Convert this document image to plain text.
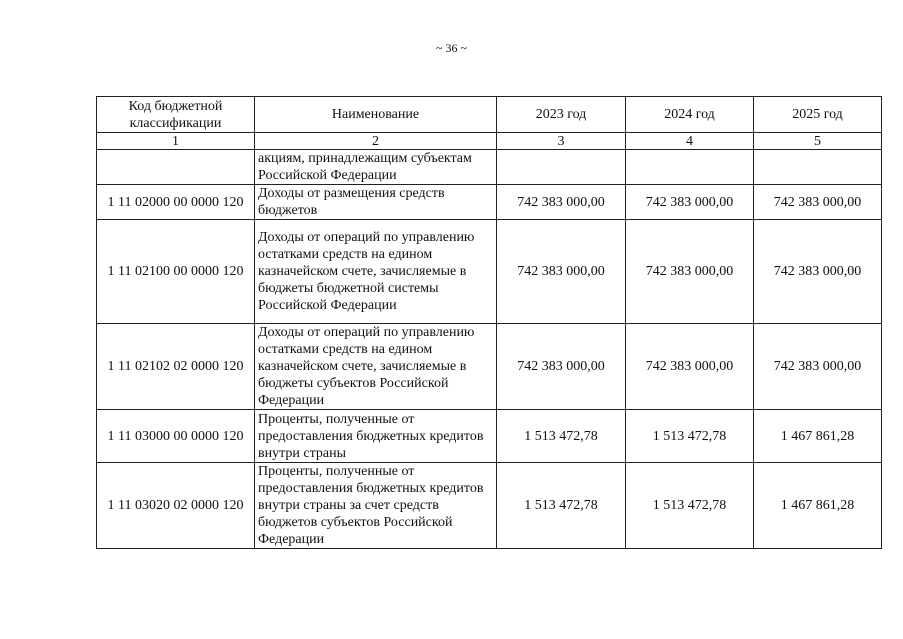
~ 36 ~
Код бюджетной классификации	Наименование	2023 год	2024 год	2025 год
1	2	3	4	5
	акциям, принадлежащим субъектам Российской Федерации			
1 11 02000 00 0000 120	Доходы от размещения средств бюджетов	742 383 000,00	742 383 000,00	742 383 000,00
1 11 02100 00 0000 120	Доходы от операций по управлению остатками средств на едином казначейском счете, зачисляемые в бюджеты бюджетной системы Российской Федерации	742 383 000,00	742 383 000,00	742 383 000,00
1 11 02102 02 0000 120	Доходы от операций по управлению остатками средств на едином казначейском счете, зачисляемые в бюджеты субъектов Российской Федерации	742 383 000,00	742 383 000,00	742 383 000,00
1 11 03000 00 0000 120	Проценты, полученные от предоставления бюджетных кредитов внутри страны	1 513 472,78	1 513 472,78	1 467 861,28
1 11 03020 02 0000 120	Проценты, полученные от предоставления бюджетных кредитов внутри страны за счет средств бюджетов субъектов Российской Федерации	1 513 472,78	1 513 472,78	1 467 861,28
